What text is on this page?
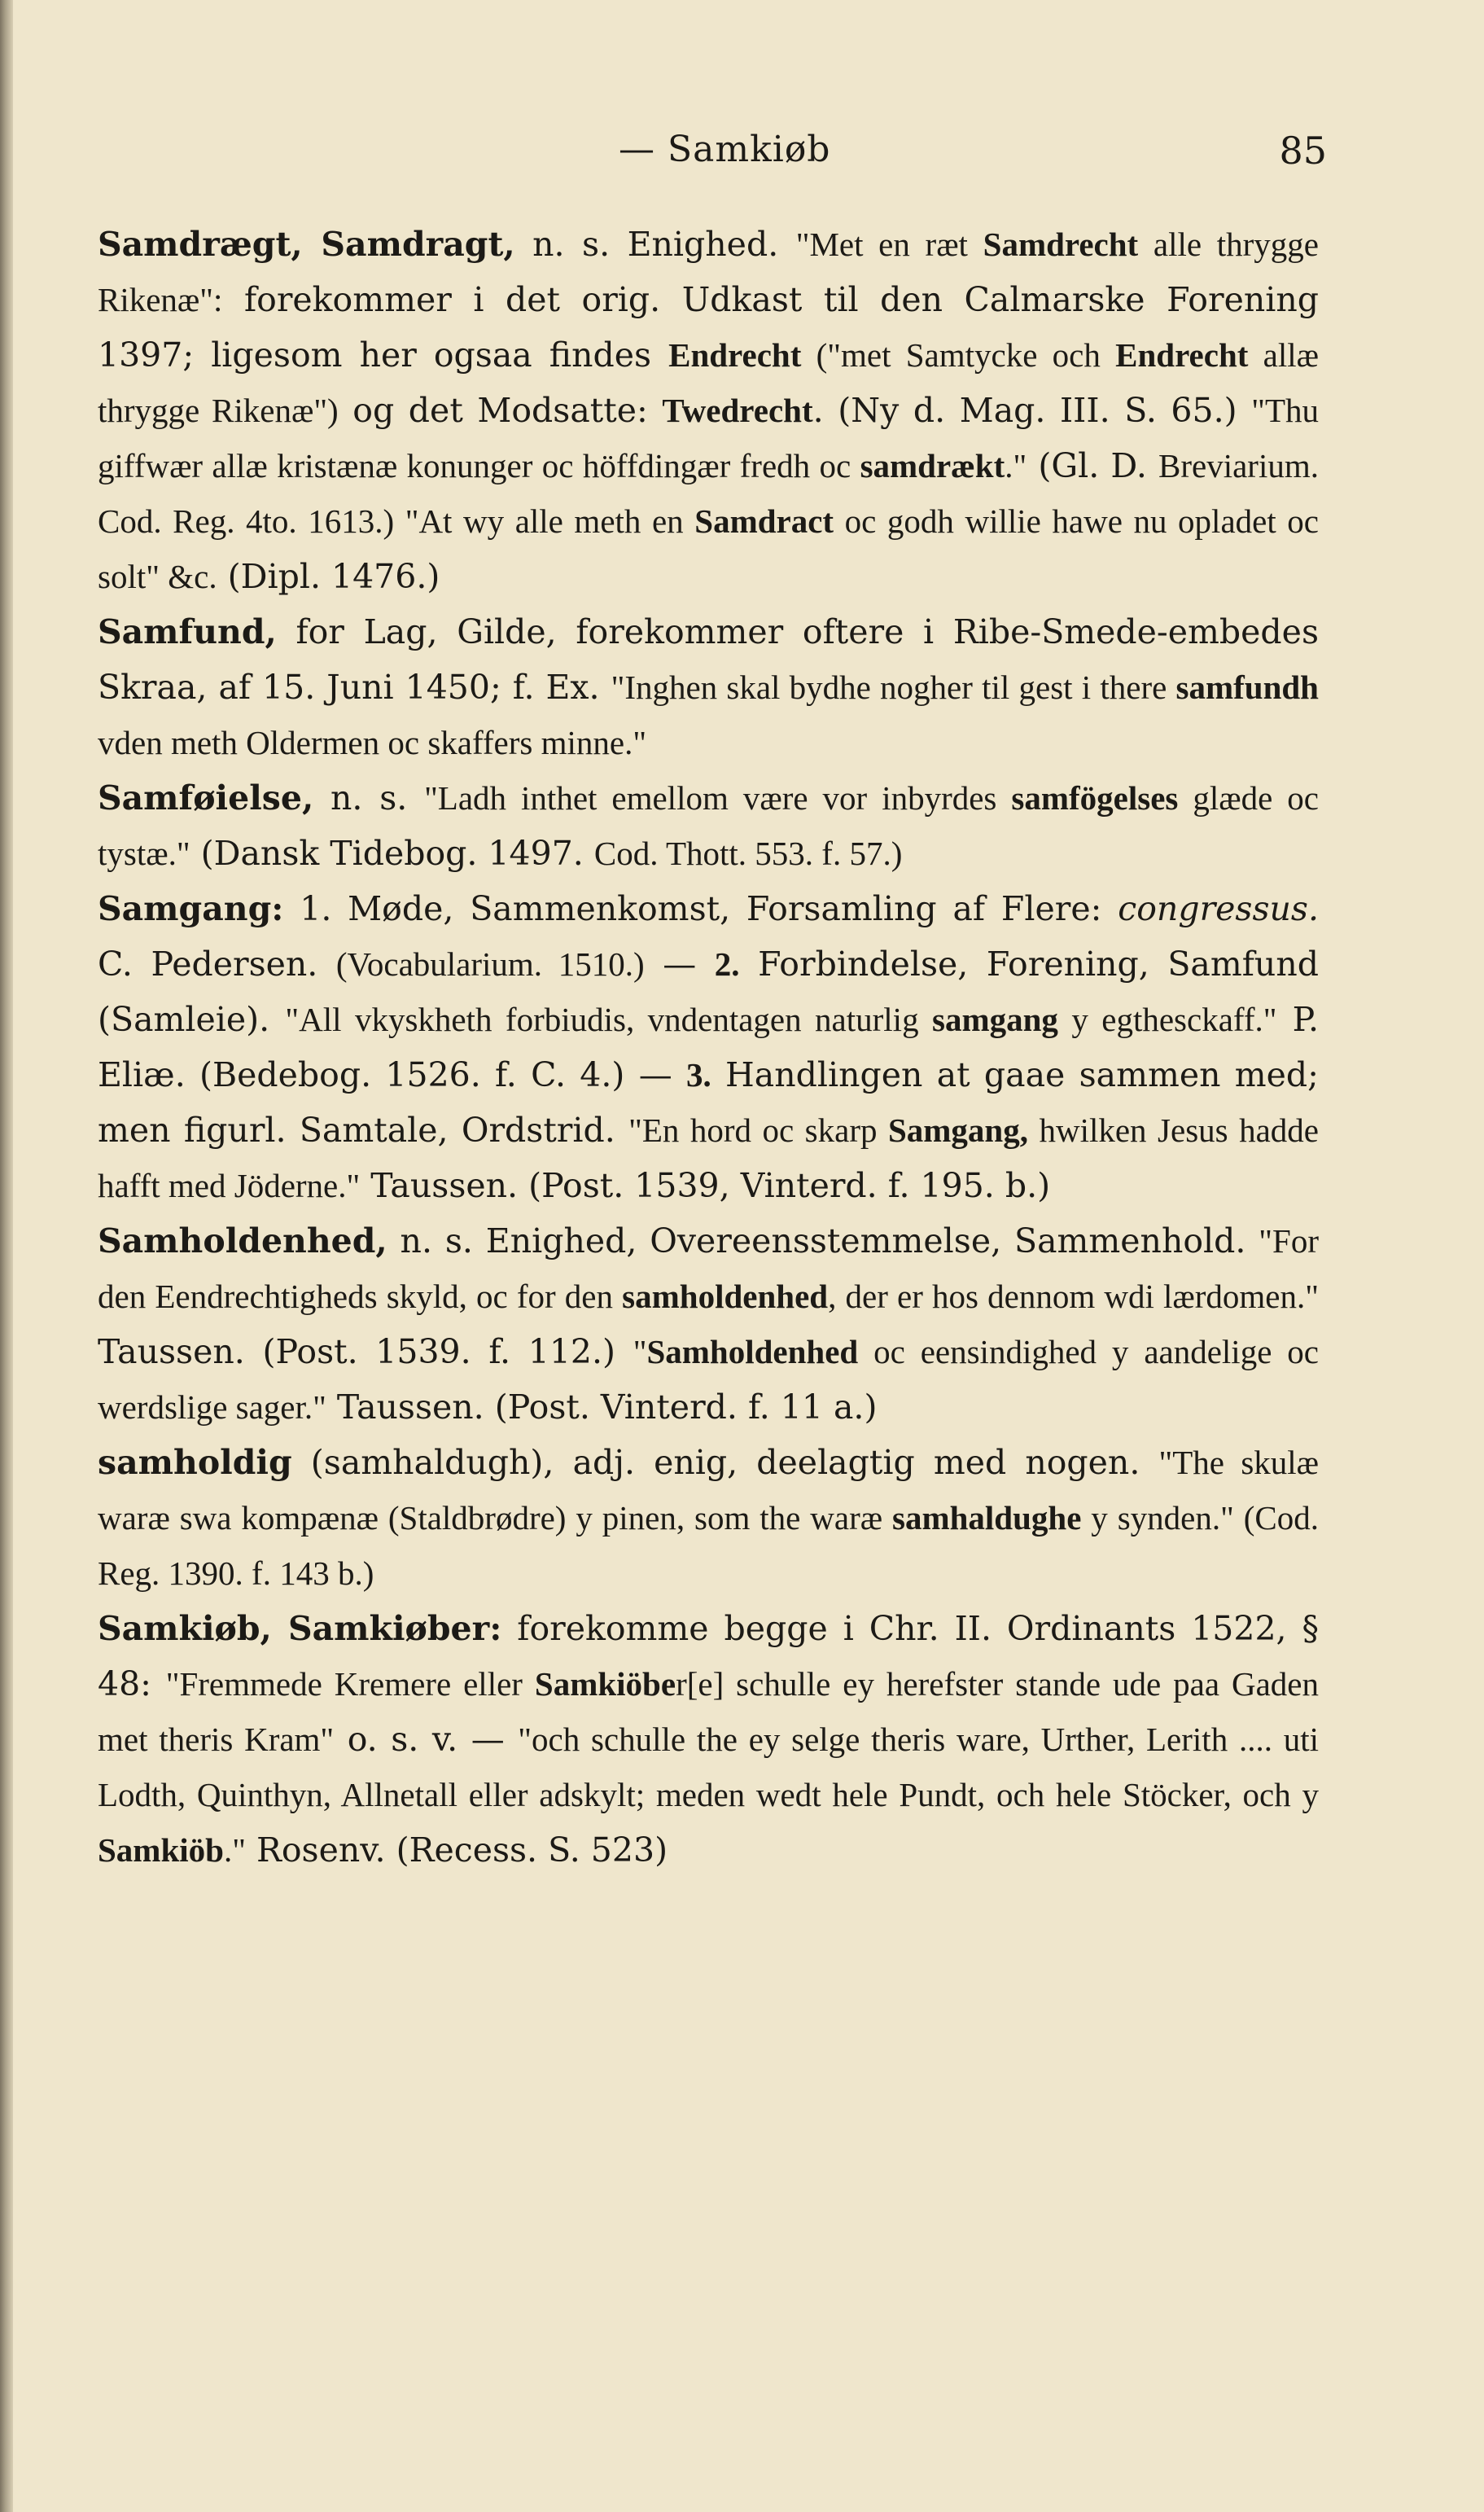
— Samkiøb	85

Samdrægt, Samdragt, n. s. Enighed. "Met en ræt Samdrecht alle thrygge Rikenæ": forekommer i det orig. Udkast til den Calmarske Forening 1397; ligesom her ogsaa findes Endrecht ("met Samtycke och Endrecht allæ thrygge Rikenæ") og det Modsatte: Twedrecht. (Ny d. Mag. III. S. 65.) "Thu giffwær allæ kristænæ konunger oc höffdingær fredh oc samdrækt." (Gl. D. Breviarium. Cod. Reg. 4to. 1613.) "At wy alle meth en Samdract oc godh willie hawe nu opladet oc solt" &c. (Dipl. 1476.)

Samfund, for Lag, Gilde, forekommer oftere i Ribe-Smede-embedes Skraa, af 15. Juni 1450; f. Ex. "Inghen skal bydhe nogher til gest i there samfundh vden meth Oldermen oc skaffers minne."

Samføielse, n. s. "Ladh inthet emellom være vor inbyrdes samfögelses glæde oc tystæ." (Dansk Tidebog. 1497. Cod. Thott. 553. f. 57.)

Samgang: 1. Møde, Sammenkomst, Forsamling af Flere: congressus. C. Pedersen. (Vocabularium. 1510.) — 2. Forbindelse, Forening, Samfund (Samleie). "All vkyskheth forbiudis, vndentagen naturlig samgang y egthesckaff." P. Eliæ. (Bedebog. 1526. f. C. 4.) — 3. Handlingen at gaae sammen med; men figurl. Samtale, Ordstrid. "En hord oc skarp Samgang, hwilken Jesus hadde hafft med Jöderne." Taussen. (Post. 1539, Vinterd. f. 195. b.)

Samholdenhed, n. s. Enighed, Overeensstemmelse, Sammenhold. "For den Eendrechtigheds skyld, oc for den samholdenhed, der er hos dennom wdi lærdomen." Taussen. (Post. 1539. f. 112.) "Samholdenhed oc eensindighed y aandelige oc werdslige sager." Taussen. (Post. Vinterd. f. 11 a.)

samholdig (samhaldugh), adj. enig, deelagtig med nogen. "The skulæ waræ swa kompænæ (Staldbrødre) y pinen, som the waræ samhaldughe y synden." (Cod. Reg. 1390. f. 143 b.)

Samkiøb, Samkiøber: forekomme begge i Chr. II. Ordinants 1522, § 48: "Fremmede Kremere eller Samkiöber[e] schulle ey herefster stande ude paa Gaden met theris Kram" o. s. v. — "och schulle the ey selge theris ware, Urther, Lerith .... uti Lodth, Quinthyn, Allnetall eller adskylt; meden wedt hele Pundt, och hele Stöcker, och y Samkiöb." Rosenv. (Recess. S. 523)
